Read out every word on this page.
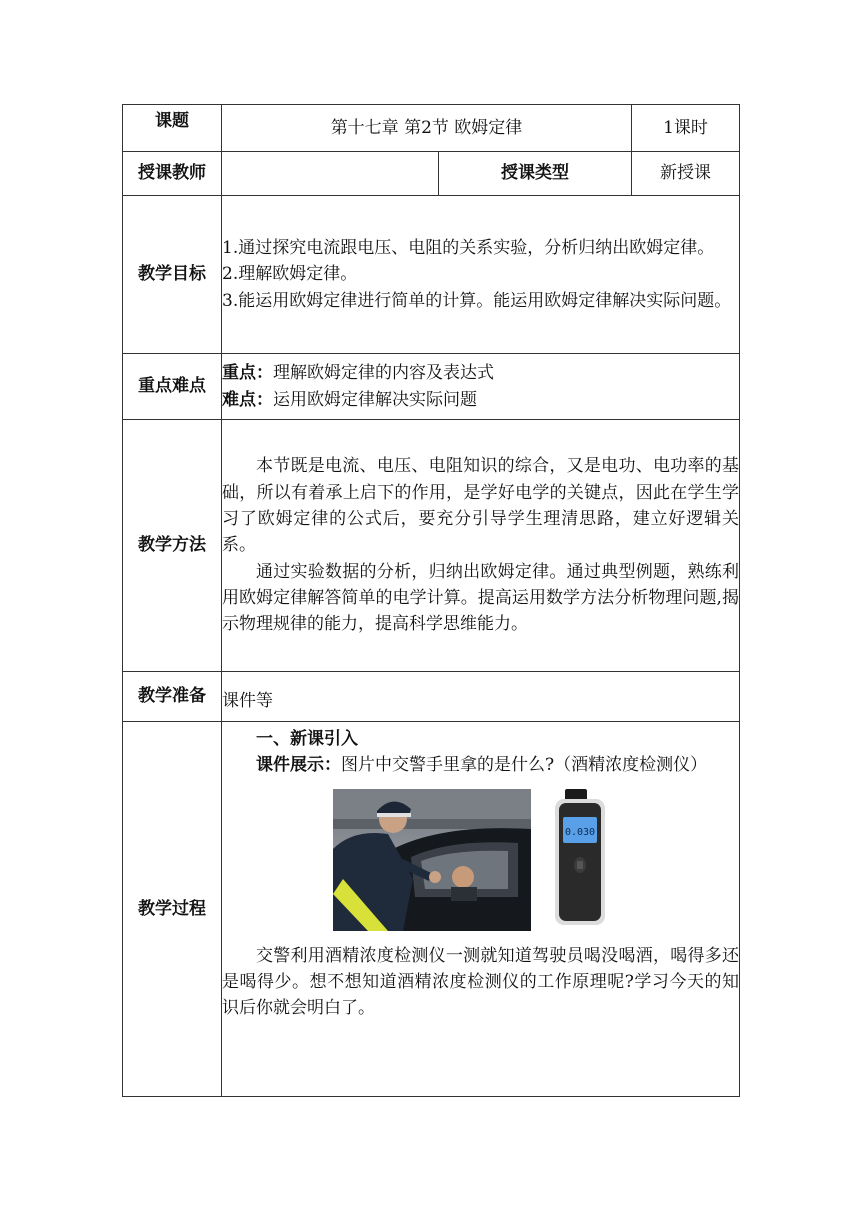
课题	第十七章 第2节 欧姆定律		1课时
授课教师		授课类型	新授课
教学目标	1.通过探究电流跟电压、电阻的关系实验，分析归纳出欧姆定律。
2.理解欧姆定律。
3.能运用欧姆定律进行简单的计算。能运用欧姆定律解决实际问题。		

重点难点	重点：理解欧姆定律的内容及表达式
难点：运用欧姆定律解决实际问题		

教学方法	本节既是电流、电压、电阻知识的综合，又是电功、电功率的基础，所以有着承上启下的作用，是学好电学的关键点，因此在学生学习了欧姆定律的公式后，要充分引导学生理清思路，建立好逻辑关系。

通过实验数据的分析，归纳出欧姆定律。通过典型例题，熟练利用欧姆定律解答简单的电学计算。提高运用数学方法分析物理问题,揭示物理规律的能力，提高科学思维能力。		

教学准备	课件等		
教学过程	一、新课引入

课件展示：图片中交警手里拿的是什么?（酒精浓度检测仪）

0.030

交警利用酒精浓度检测仪一测就知道驾驶员喝没喝酒，喝得多还是喝得少。想不想知道酒精浓度检测仪的工作原理呢?学习今天的知识后你就会明白了。		
